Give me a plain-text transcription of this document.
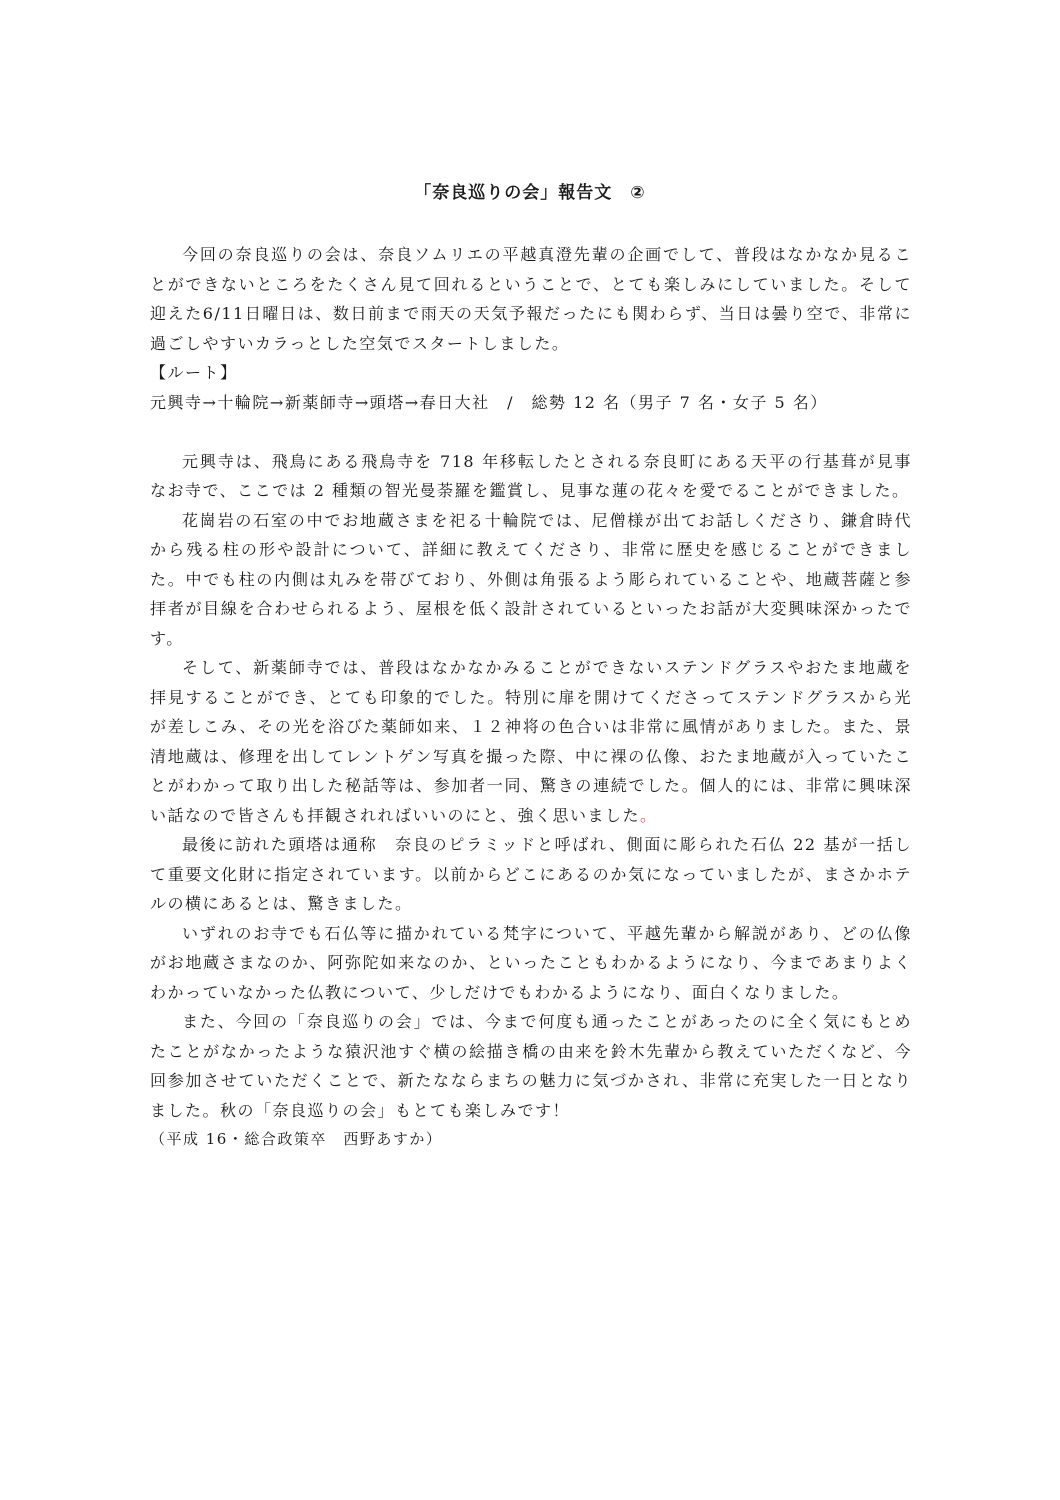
「奈良巡りの会」報告文　②

今回の奈良巡りの会は、奈良ソムリエの平越真澄先輩の企画でして、普段はなかなか見ることができないところをたくさん見て回れるということで、とても楽しみにしていました。そして迎えた6/11日曜日は、数日前まで雨天の天気予報だったにも関わらず、当日は曇り空で、非常に過ごしやすいカラっとした空気でスタートしました。

【ルート】

元興寺→十輪院→新薬師寺→頭塔→春日大社　/　総勢 12 名（男子 7 名・女子 5 名）

元興寺は、飛鳥にある飛鳥寺を 718 年移転したとされる奈良町にある天平の行基葺が見事なお寺で、ここでは 2 種類の智光曼荼羅を鑑賞し、見事な蓮の花々を愛でることができました。

花崗岩の石室の中でお地蔵さまを祀る十輪院では、尼僧様が出てお話しくださり、鎌倉時代から残る柱の形や設計について、詳細に教えてくださり、非常に歴史を感じることができました。中でも柱の内側は丸みを帯びており、外側は角張るよう彫られていることや、地蔵菩薩と参拝者が目線を合わせられるよう、屋根を低く設計されているといったお話が大変興味深かったです。

そして、新薬師寺では、普段はなかなかみることができないステンドグラスやおたま地蔵を拝見することができ、とても印象的でした。特別に扉を開けてくださってステンドグラスから光が差しこみ、その光を浴びた薬師如来、１２神将の色合いは非常に風情がありました。また、景清地蔵は、修理を出してレントゲン写真を撮った際、中に裸の仏像、おたま地蔵が入っていたことがわかって取り出した秘話等は、参加者一同、驚きの連続でした。個人的には、非常に興味深い話なので皆さんも拝観されればいいのにと、強く思いました。

最後に訪れた頭塔は通称　奈良のピラミッドと呼ばれ、側面に彫られた石仏 22 基が一括して重要文化財に指定されています。以前からどこにあるのか気になっていましたが、まさかホテルの横にあるとは、驚きました。

いずれのお寺でも石仏等に描かれている梵字について、平越先輩から解説があり、どの仏像がお地蔵さまなのか、阿弥陀如来なのか、といったこともわかるようになり、今まであまりよくわかっていなかった仏教について、少しだけでもわかるようになり、面白くなりました。

また、今回の「奈良巡りの会」では、今まで何度も通ったことがあったのに全く気にもとめたことがなかったような猿沢池すぐ横の絵描き橋の由来を鈴木先輩から教えていただくなど、今回参加させていただくことで、新たなならまちの魅力に気づかされ、非常に充実した一日となりました。秋の「奈良巡りの会」もとても楽しみです！

（平成 16・総合政策卒　西野あすか）
